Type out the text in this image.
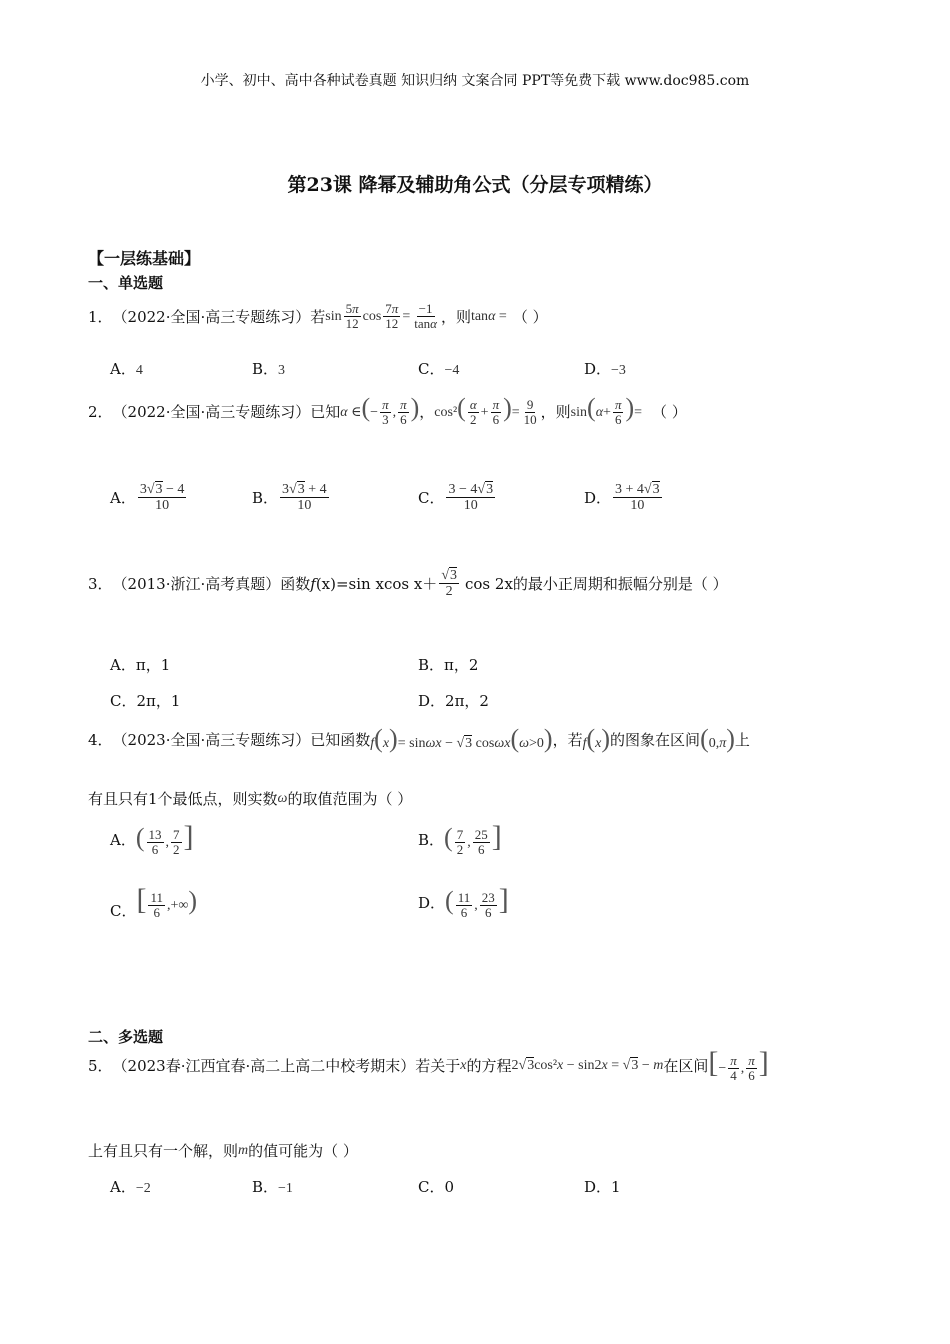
小学、初中、高中各种试卷真题 知识归纳 文案合同 PPT等免费下载 www.doc985.com
第23课 降幂及辅助角公式（分层专项精练）
【一层练基础】
一、单选题
1． （2022·全国·高三专题练习）若 $\sin \frac{5\pi}{12}$ $\cos \frac{7\pi}{12} = \frac{-1}{\tan\alpha}$ ，则 tanα = （ ）
A．4	B．3	C．−4	D．−3
2． （2022·全国·高三专题练习）已知 α ∈(− $\frac{\pi}{3}$ , $\frac{\pi}{6}$ ) ， $\cos^2( \frac{\alpha}{2} + \frac{\pi}{6}$ )= $\frac{9}{10}$ ，则 $\sin(\alpha+ \frac{\pi}{6}$ )= （ ）
A． $\frac{3√3 - 4}{10}$	B． $\frac{3√3 + 4}{10}$	C． $\frac{3 - 4√3}{10}$	D． $\frac{3 + 4√3}{10}$
3． （2013·浙江·高考真题）函数 f (x)=sin xcos $x+ \frac{√3}{2}$ cos 2x 的最小正周期和振幅分别是（ ）
A．π，1	B．π，2
C．2π，1	D．2π，2
4． （2023·全国·高三专题练习）已知函数 f(x)= sinωx − √3 cosωx(ω>0) ，若 f(x) 的图象在区间 (0,π) 上
有且只有1个最低点，则实数 ω 的取值范围为（ ）
A． ( $\frac{13}{6}$ , $\frac{7}{2}$ ]	B． ( $\frac{7}{2}$ , $\frac{25}{6}$ ]
C． [ $\frac{11}{6}$ ,+∞)	D． ( $\frac{11}{6}$ , $\frac{23}{6}$ ]
二、多选题
5． （2023春·江西宜春·高二上高二中校考期末）若关于 x 的方程 2√3cos²x − sin2x = √3 − m 在区间 [− $\frac{\pi}{4}$ , $\frac{\pi}{6}$ ]
上有且只有一个解，则 m 的值可能为（ ）
A．−2	B．−1	C．0	D．1
